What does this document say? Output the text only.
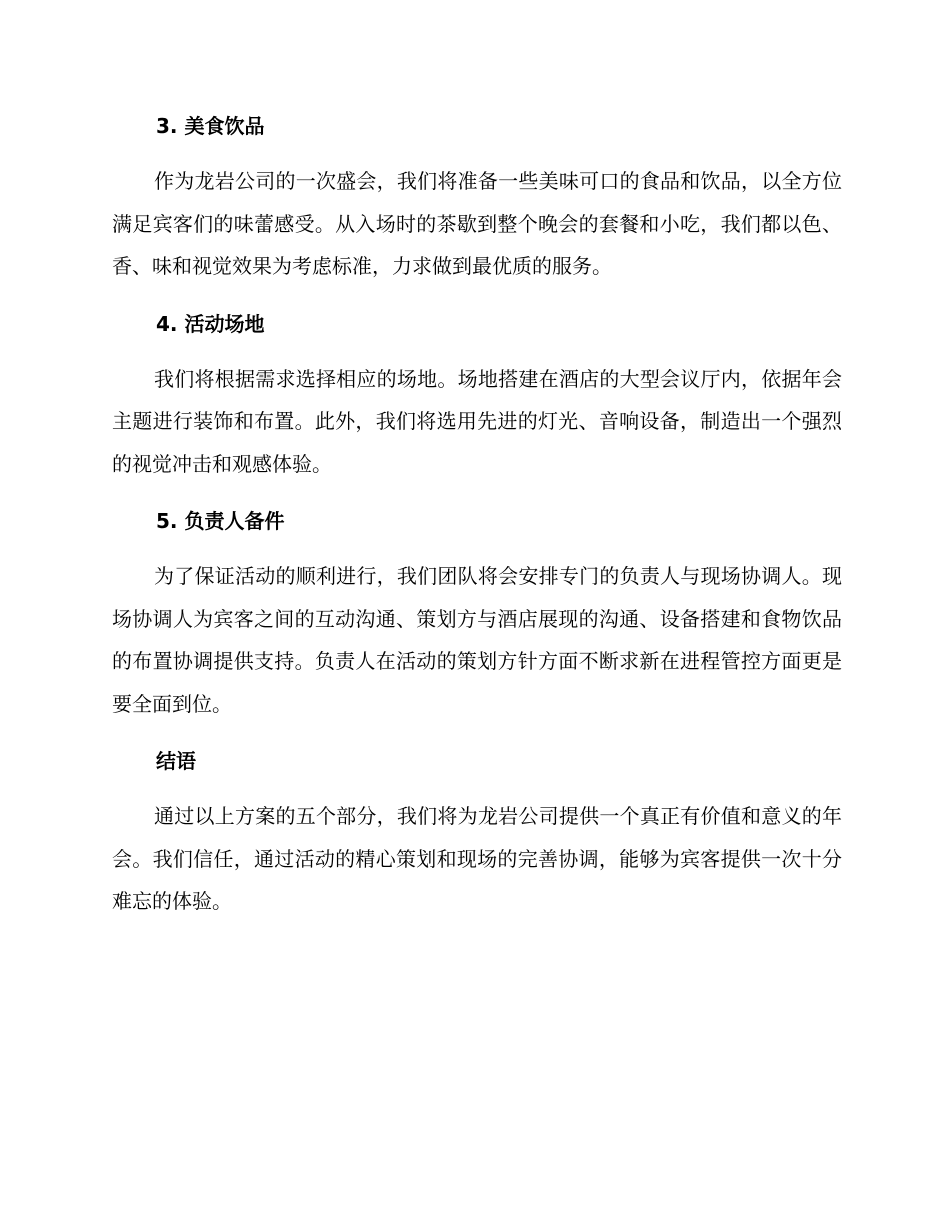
3. 美食饮品

作为龙岩公司的一次盛会，我们将准备一些美味可口的食品和饮品，以全方位满足宾客们的味蕾感受。从入场时的茶歇到整个晚会的套餐和小吃，我们都以色、香、味和视觉效果为考虑标准，力求做到最优质的服务。

4. 活动场地

我们将根据需求选择相应的场地。场地搭建在酒店的大型会议厅内，依据年会主题进行装饰和布置。此外，我们将选用先进的灯光、音响设备，制造出一个强烈的视觉冲击和观感体验。

5. 负责人备件

为了保证活动的顺利进行，我们团队将会安排专门的负责人与现场协调人。现场协调人为宾客之间的互动沟通、策划方与酒店展现的沟通、设备搭建和食物饮品的布置协调提供支持。负责人在活动的策划方针方面不断求新在进程管控方面更是要全面到位。

结语

通过以上方案的五个部分，我们将为龙岩公司提供一个真正有价值和意义的年会。我们信任，通过活动的精心策划和现场的完善协调，能够为宾客提供一次十分难忘的体验。
